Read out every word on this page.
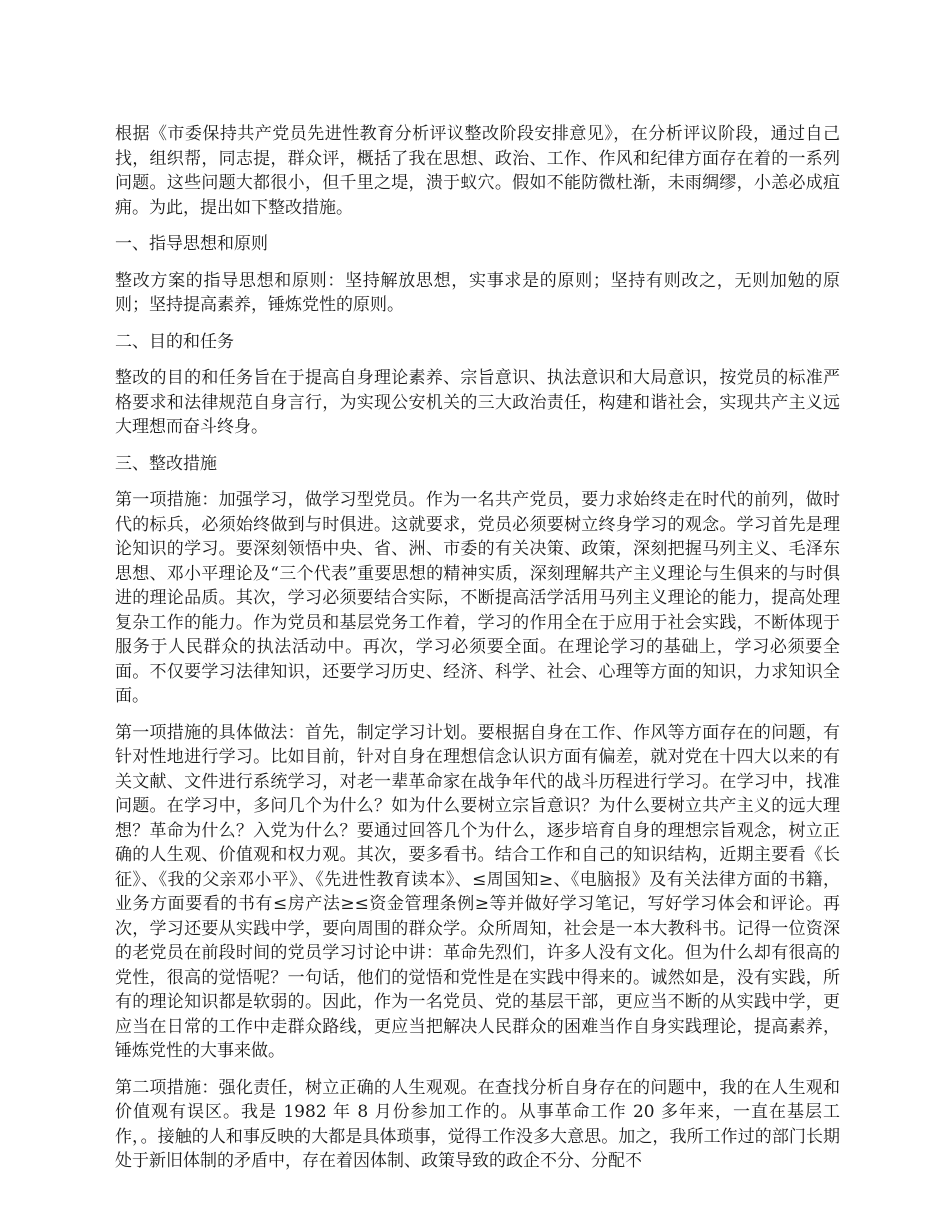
根据《市委保持共产党员先进性教育分析评议整改阶段安排意见》，在分析评议阶段，通过自己找，组织帮，同志提，群众评，概括了我在思想、政治、工作、作风和纪律方面存在着的一系列问题。这些问题大都很小，但千里之堤，溃于蚁穴。假如不能防微杜渐，未雨绸缪，小恙必成疽痈。为此，提出如下整改措施。

一、指导思想和原则

整改方案的指导思想和原则：坚持解放思想，实事求是的原则；坚持有则改之，无则加勉的原则；坚持提高素养，锤炼党性的原则。

二、目的和任务

整改的目的和任务旨在于提高自身理论素养、宗旨意识、执法意识和大局意识，按党员的标准严格要求和法律规范自身言行，为实现公安机关的三大政治责任，构建和谐社会，实现共产主义远大理想而奋斗终身。

三、整改措施

第一项措施：加强学习，做学习型党员。作为一名共产党员，要力求始终走在时代的前列，做时代的标兵，必须始终做到与时俱进。这就要求，党员必须要树立终身学习的观念。学习首先是理论知识的学习。要深刻领悟中央、省、洲、市委的有关决策、政策，深刻把握马列主义、毛泽东思想、邓小平理论及“三个代表”重要思想的精神实质，深刻理解共产主义理论与生俱来的与时俱进的理论品质。其次，学习必须要结合实际，不断提高活学活用马列主义理论的能力，提高处理复杂工作的能力。作为党员和基层党务工作着，学习的作用全在于应用于社会实践，不断体现于服务于人民群众的执法活动中。再次，学习必须要全面。在理论学习的基础上，学习必须要全面。不仅要学习法律知识，还要学习历史、经济、科学、社会、心理等方面的知识，力求知识全面。

第一项措施的具体做法：首先，制定学习计划。要根据自身在工作、作风等方面存在的问题，有针对性地进行学习。比如目前，针对自身在理想信念认识方面有偏差，就对党在十四大以来的有关文献、文件进行系统学习，对老一辈革命家在战争年代的战斗历程进行学习。在学习中，找准问题。在学习中，多问几个为什么？如为什么要树立宗旨意识？为什么要树立共产主义的远大理想？革命为什么？入党为什么？要通过回答几个为什么，逐步培育自身的理想宗旨观念，树立正确的人生观、价值观和权力观。其次，要多看书。结合工作和自己的知识结构，近期主要看《长征》、《我的父亲邓小平》、《先进性教育读本》、≤周国知≥、《电脑报》及有关法律方面的书籍，业务方面要看的书有≤房产法≥≤资金管理条例≥等并做好学习笔记，写好学习体会和评论。再次，学习还要从实践中学，要向周围的群众学。众所周知，社会是一本大教科书。记得一位资深的老党员在前段时间的党员学习讨论中讲：革命先烈们，许多人没有文化。但为什么却有很高的党性，很高的觉悟呢？一句话，他们的觉悟和党性是在实践中得来的。诚然如是，没有实践，所有的理论知识都是软弱的。因此，作为一名党员、党的基层干部，更应当不断的从实践中学，更应当在日常的工作中走群众路线，更应当把解决人民群众的困难当作自身实践理论，提高素养，锤炼党性的大事来做。

第二项措施：强化责任，树立正确的人生观观。在查找分析自身存在的问题中，我的在人生观和价值观有误区。我是 1982 年 8 月份参加工作的。从事革命工作 20 多年来，一直在基层工作，。接触的人和事反映的大都是具体琐事，觉得工作没多大意思。加之，我所工作过的部门长期处于新旧体制的矛盾中，存在着因体制、政策导致的政企不分、分配不
